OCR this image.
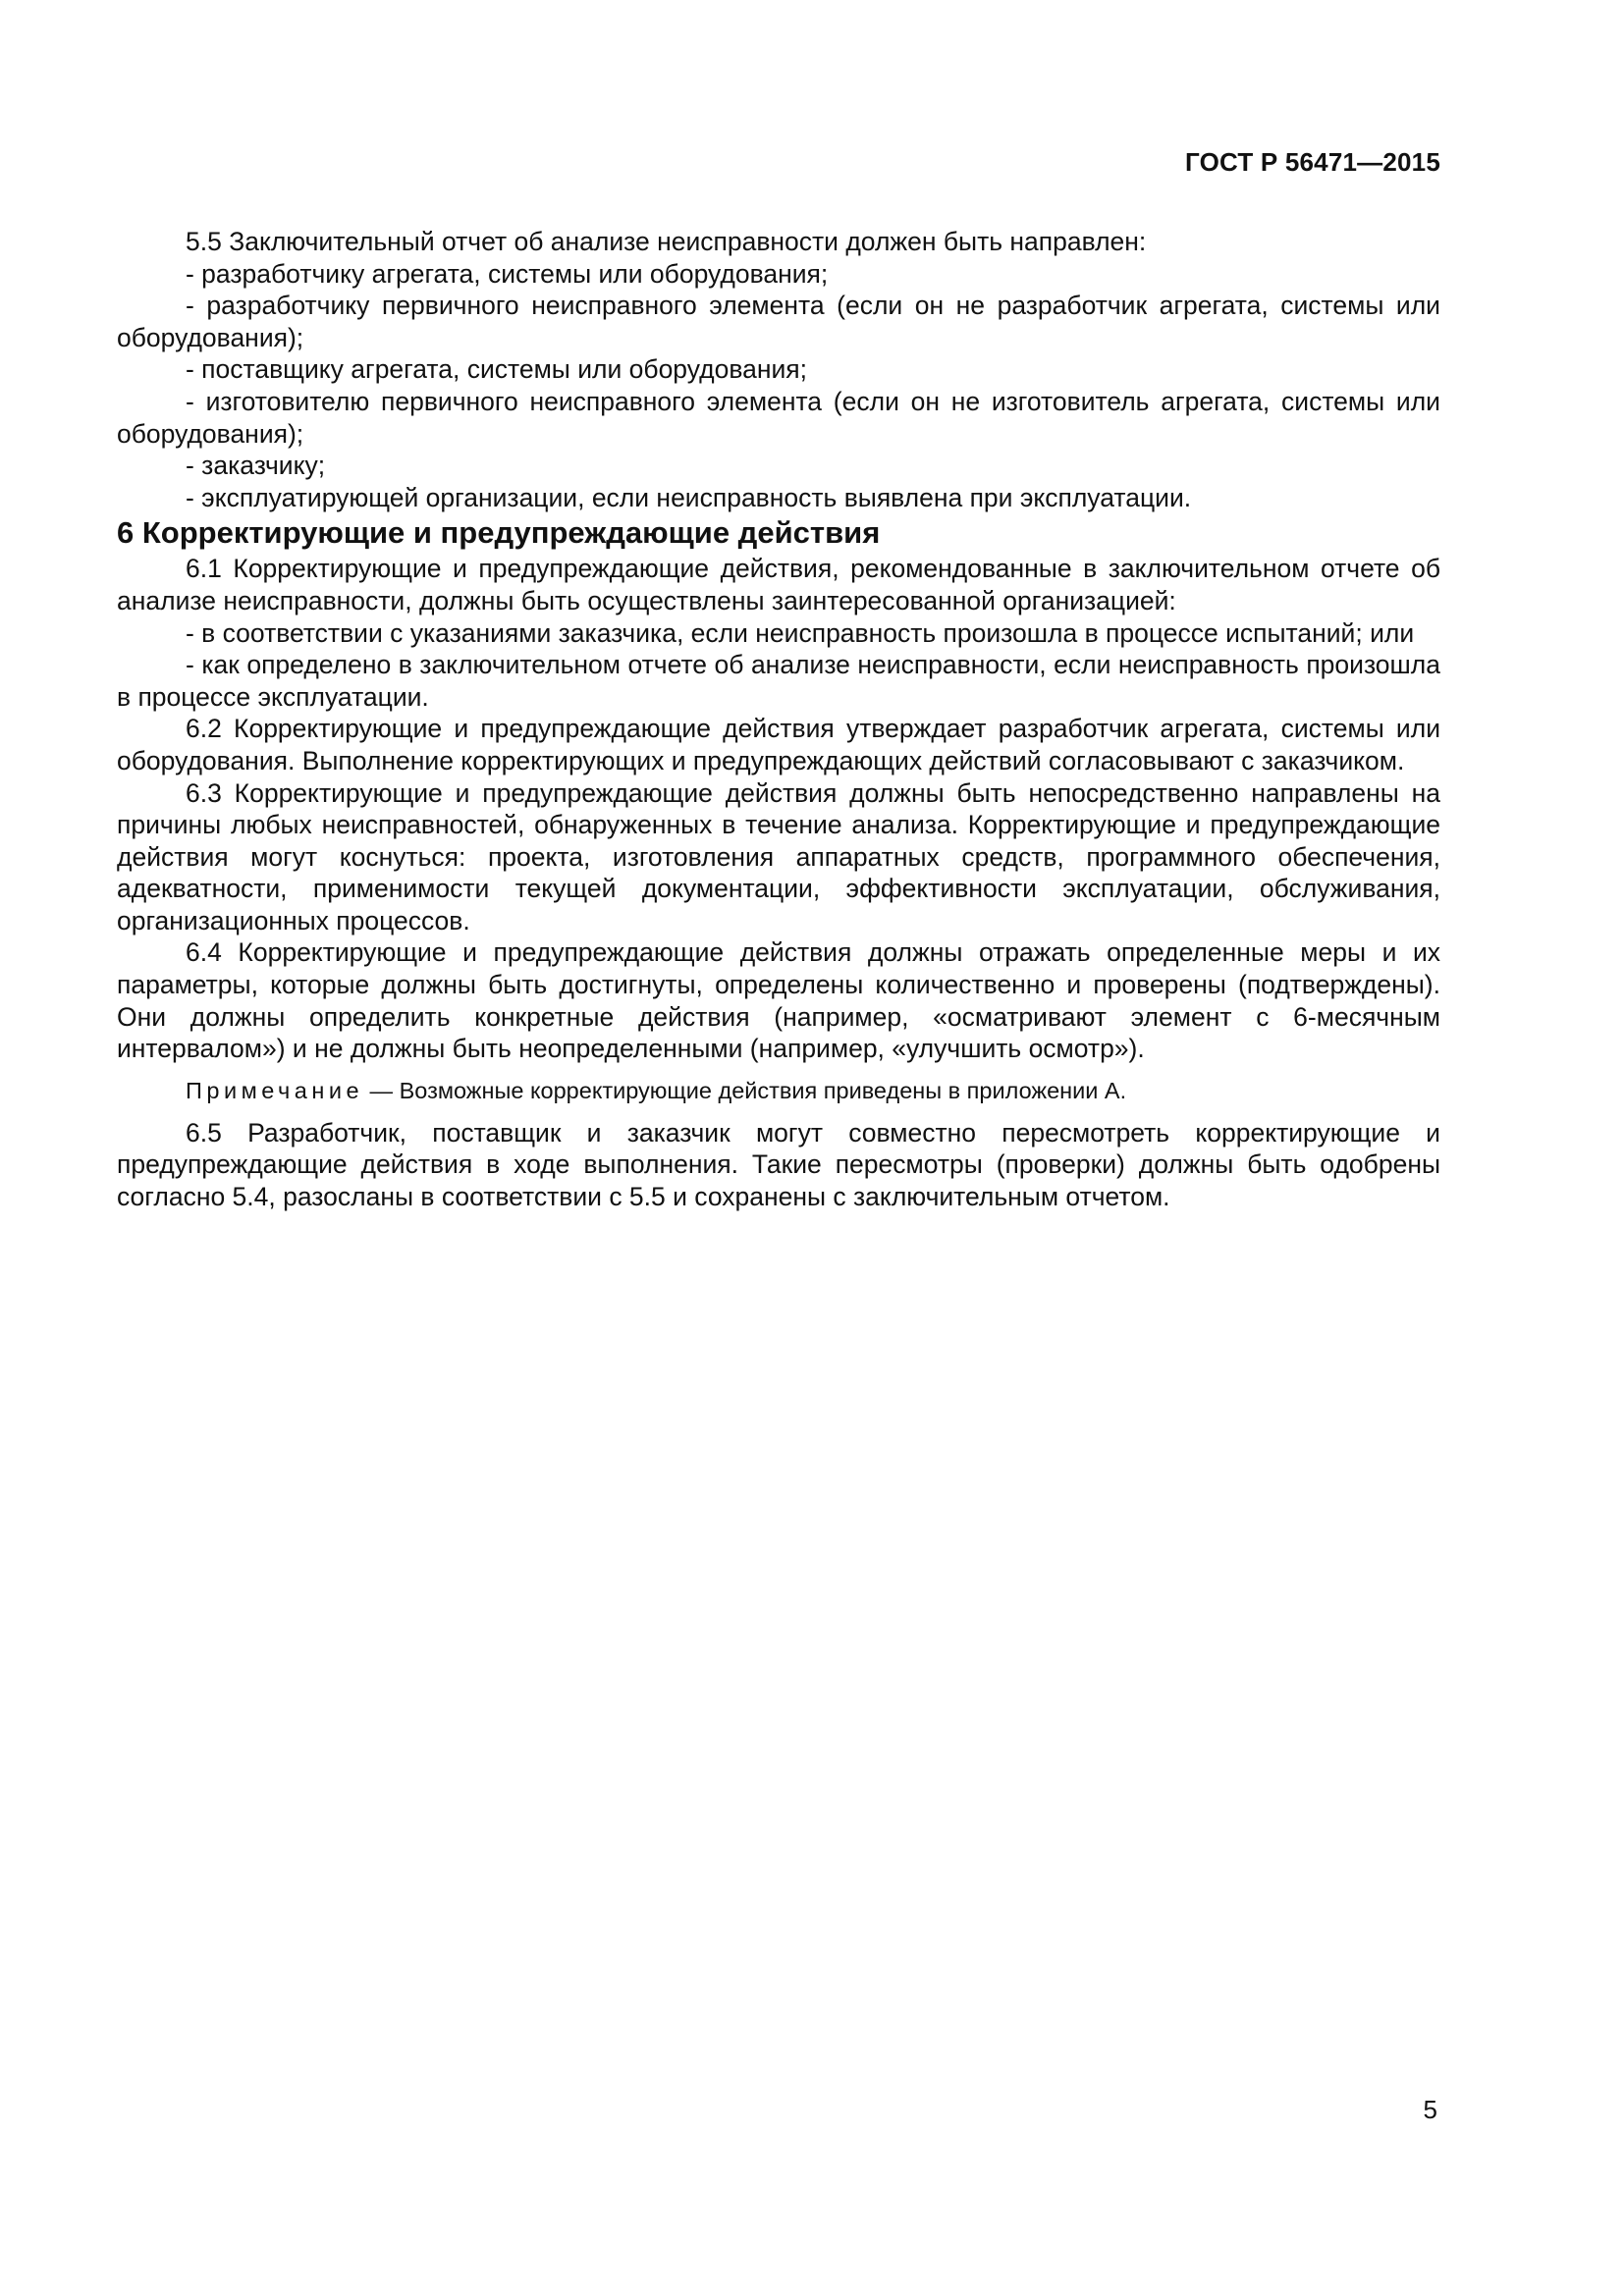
ГОСТ Р 56471—2015

5.5 Заключительный отчет об анализе неисправности должен быть направлен:

- разработчику агрегата, системы или оборудования;

- разработчику первичного неисправного элемента (если он не разработчик агрегата, системы или оборудования);

- поставщику агрегата, системы или оборудования;

- изготовителю первичного неисправного элемента (если он не изготовитель агрегата, системы или оборудования);

- заказчику;

- эксплуатирующей организации, если неисправность выявлена при эксплуатации.

6 Корректирующие и предупреждающие действия

6.1 Корректирующие и предупреждающие действия, рекомендованные в заключительном отчете об анализе неисправности, должны быть осуществлены заинтересованной организацией:

- в соответствии с указаниями заказчика, если неисправность произошла в процессе испытаний; или

- как определено в заключительном отчете об анализе неисправности, если неисправность произошла в процессе эксплуатации.

6.2 Корректирующие и предупреждающие действия утверждает разработчик агрегата, системы или оборудования. Выполнение корректирующих и предупреждающих действий согласовывают с заказчиком.

6.3 Корректирующие и предупреждающие действия должны быть непосредственно направлены на причины любых неисправностей, обнаруженных в течение анализа. Корректирующие и предупреждающие действия могут коснуться: проекта, изготовления аппаратных средств, программного обеспечения, адекватности, применимости текущей документации, эффективности эксплуатации, обслуживания, организационных процессов.

6.4 Корректирующие и предупреждающие действия должны отражать определенные меры и их параметры, которые должны быть достигнуты, определены количественно и проверены (подтверждены). Они должны определить конкретные действия (например, «осматривают элемент с 6-месячным интервалом») и не должны быть неопределенными (например, «улучшить осмотр»).

Примечание — Возможные корректирующие действия приведены в приложении А.

6.5 Разработчик, поставщик и заказчик могут совместно пересмотреть корректирующие и предупреждающие действия в ходе выполнения. Такие пересмотры (проверки) должны быть одобрены согласно 5.4, разосланы в соответствии с 5.5 и сохранены с заключительным отчетом.

5
